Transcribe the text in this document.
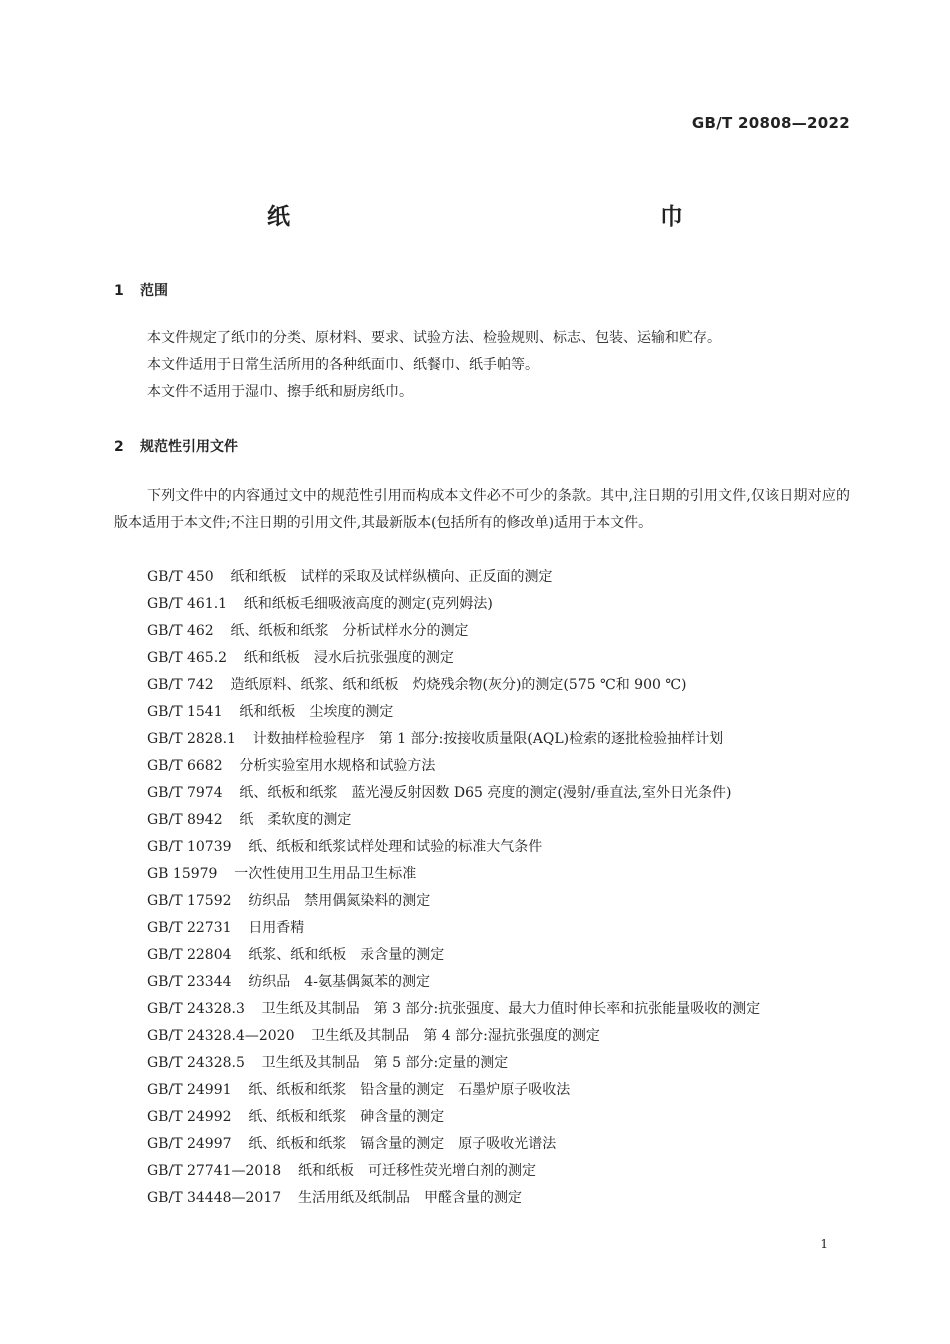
GB/T 20808—2022
纸　　巾
1 范围

本文件规定了纸巾的分类、原材料、要求、试验方法、检验规则、标志、包装、运输和贮存。

本文件适用于日常生活所用的各种纸面巾、纸餐巾、纸手帕等。

本文件不适用于湿巾、擦手纸和厨房纸巾。

2 规范性引用文件

下列文件中的内容通过文中的规范性引用而构成本文件必不可少的条款。其中,注日期的引用文件,仅该日期对应的版本适用于本文件;不注日期的引用文件,其最新版本(包括所有的修改单)适用于本文件。

GB/T 450 纸和纸板　试样的采取及试样纵横向、正反面的测定

GB/T 461.1 纸和纸板毛细吸液高度的测定(克列姆法)

GB/T 462 纸、纸板和纸浆　分析试样水分的测定

GB/T 465.2 纸和纸板　浸水后抗张强度的测定

GB/T 742 造纸原料、纸浆、纸和纸板　灼烧残余物(灰分)的测定(575 ℃和 900 ℃)

GB/T 1541 纸和纸板　尘埃度的测定

GB/T 2828.1 计数抽样检验程序　第 1 部分:按接收质量限(AQL)检索的逐批检验抽样计划

GB/T 6682 分析实验室用水规格和试验方法

GB/T 7974 纸、纸板和纸浆　蓝光漫反射因数 D65 亮度的测定(漫射/垂直法,室外日光条件)

GB/T 8942 纸　柔软度的测定

GB/T 10739 纸、纸板和纸浆试样处理和试验的标准大气条件

GB 15979 一次性使用卫生用品卫生标准

GB/T 17592 纺织品　禁用偶氮染料的测定

GB/T 22731 日用香精

GB/T 22804 纸浆、纸和纸板　汞含量的测定

GB/T 23344 纺织品　4-氨基偶氮苯的测定

GB/T 24328.3 卫生纸及其制品　第 3 部分:抗张强度、最大力值时伸长率和抗张能量吸收的测定

GB/T 24328.4—2020 卫生纸及其制品　第 4 部分:湿抗张强度的测定

GB/T 24328.5 卫生纸及其制品　第 5 部分:定量的测定

GB/T 24991 纸、纸板和纸浆　铅含量的测定　石墨炉原子吸收法

GB/T 24992 纸、纸板和纸浆　砷含量的测定

GB/T 24997 纸、纸板和纸浆　镉含量的测定　原子吸收光谱法

GB/T 27741—2018 纸和纸板　可迁移性荧光增白剂的测定

GB/T 34448—2017 生活用纸及纸制品　甲醛含量的测定

1
